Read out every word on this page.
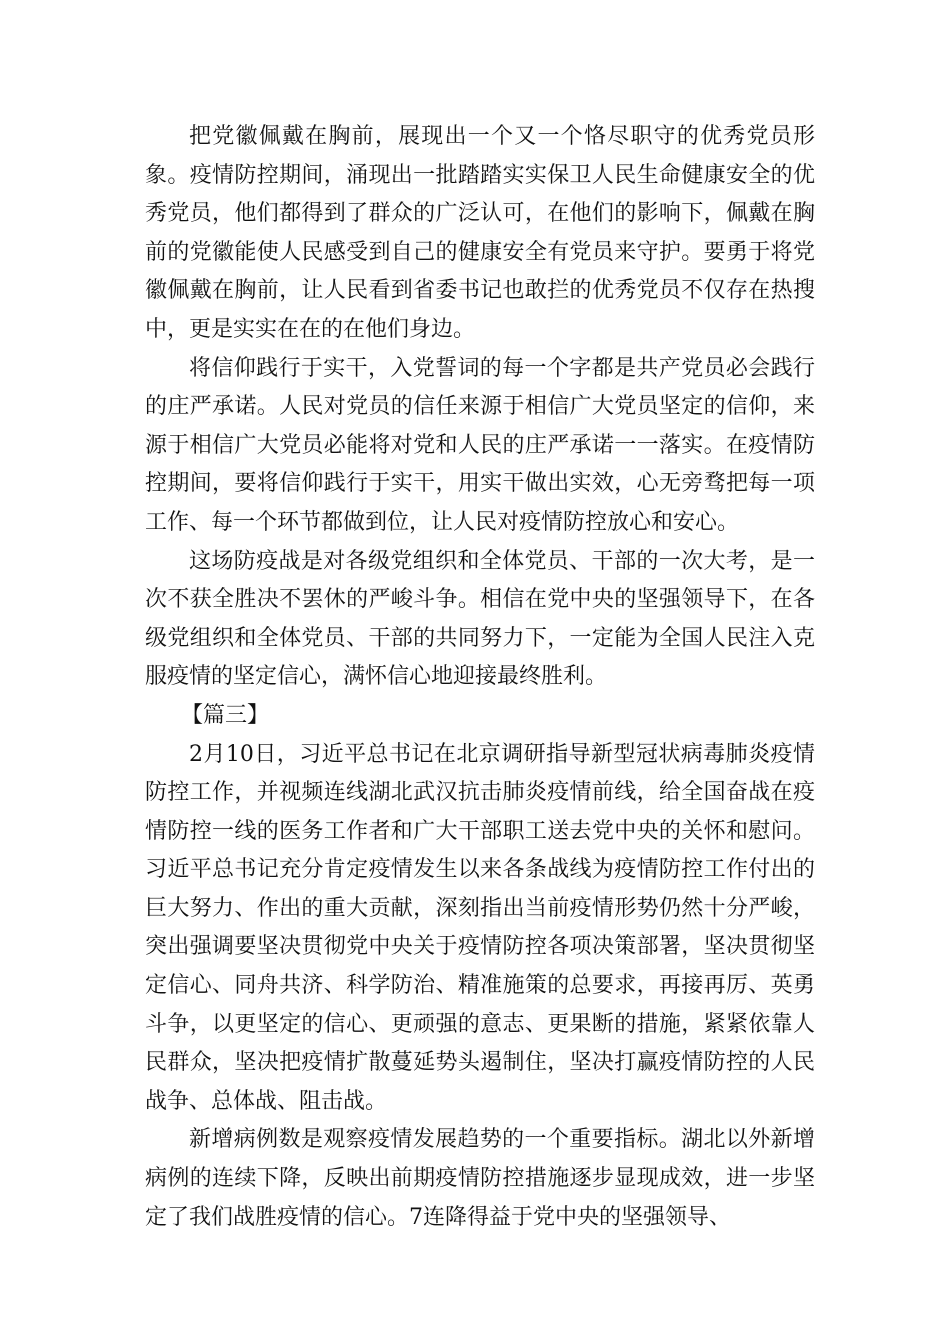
把党徽佩戴在胸前，展现出一个又一个恪尽职守的优秀党员形象。疫情防控期间，涌现出一批踏踏实实保卫人民生命健康安全的优秀党员，他们都得到了群众的广泛认可，在他们的影响下，佩戴在胸前的党徽能使人民感受到自己的健康安全有党员来守护。要勇于将党徽佩戴在胸前，让人民看到省委书记也敢拦的优秀党员不仅存在热搜中，更是实实在在的在他们身边。

将信仰践行于实干，入党誓词的每一个字都是共产党员必会践行的庄严承诺。人民对党员的信任来源于相信广大党员坚定的信仰，来源于相信广大党员必能将对党和人民的庄严承诺一一落实。在疫情防控期间，要将信仰践行于实干，用实干做出实效，心无旁骛把每一项工作、每一个环节都做到位，让人民对疫情防控放心和安心。

这场防疫战是对各级党组织和全体党员、干部的一次大考，是一次不获全胜决不罢休的严峻斗争。相信在党中央的坚强领导下，在各级党组织和全体党员、干部的共同努力下，一定能为全国人民注入克服疫情的坚定信心，满怀信心地迎接最终胜利。

【篇三】

2月10日，习近平总书记在北京调研指导新型冠状病毒肺炎疫情防控工作，并视频连线湖北武汉抗击肺炎疫情前线，给全国奋战在疫情防控一线的医务工作者和广大干部职工送去党中央的关怀和慰问。习近平总书记充分肯定疫情发生以来各条战线为疫情防控工作付出的巨大努力、作出的重大贡献，深刻指出当前疫情形势仍然十分严峻，突出强调要坚决贯彻党中央关于疫情防控各项决策部署，坚决贯彻坚定信心、同舟共济、科学防治、精准施策的总要求，再接再厉、英勇斗争，以更坚定的信心、更顽强的意志、更果断的措施，紧紧依靠人民群众，坚决把疫情扩散蔓延势头遏制住，坚决打赢疫情防控的人民战争、总体战、阻击战。

新增病例数是观察疫情发展趋势的一个重要指标。湖北以外新增病例的连续下降，反映出前期疫情防控措施逐步显现成效，进一步坚定了我们战胜疫情的信心。7连降得益于党中央的坚强领导、
